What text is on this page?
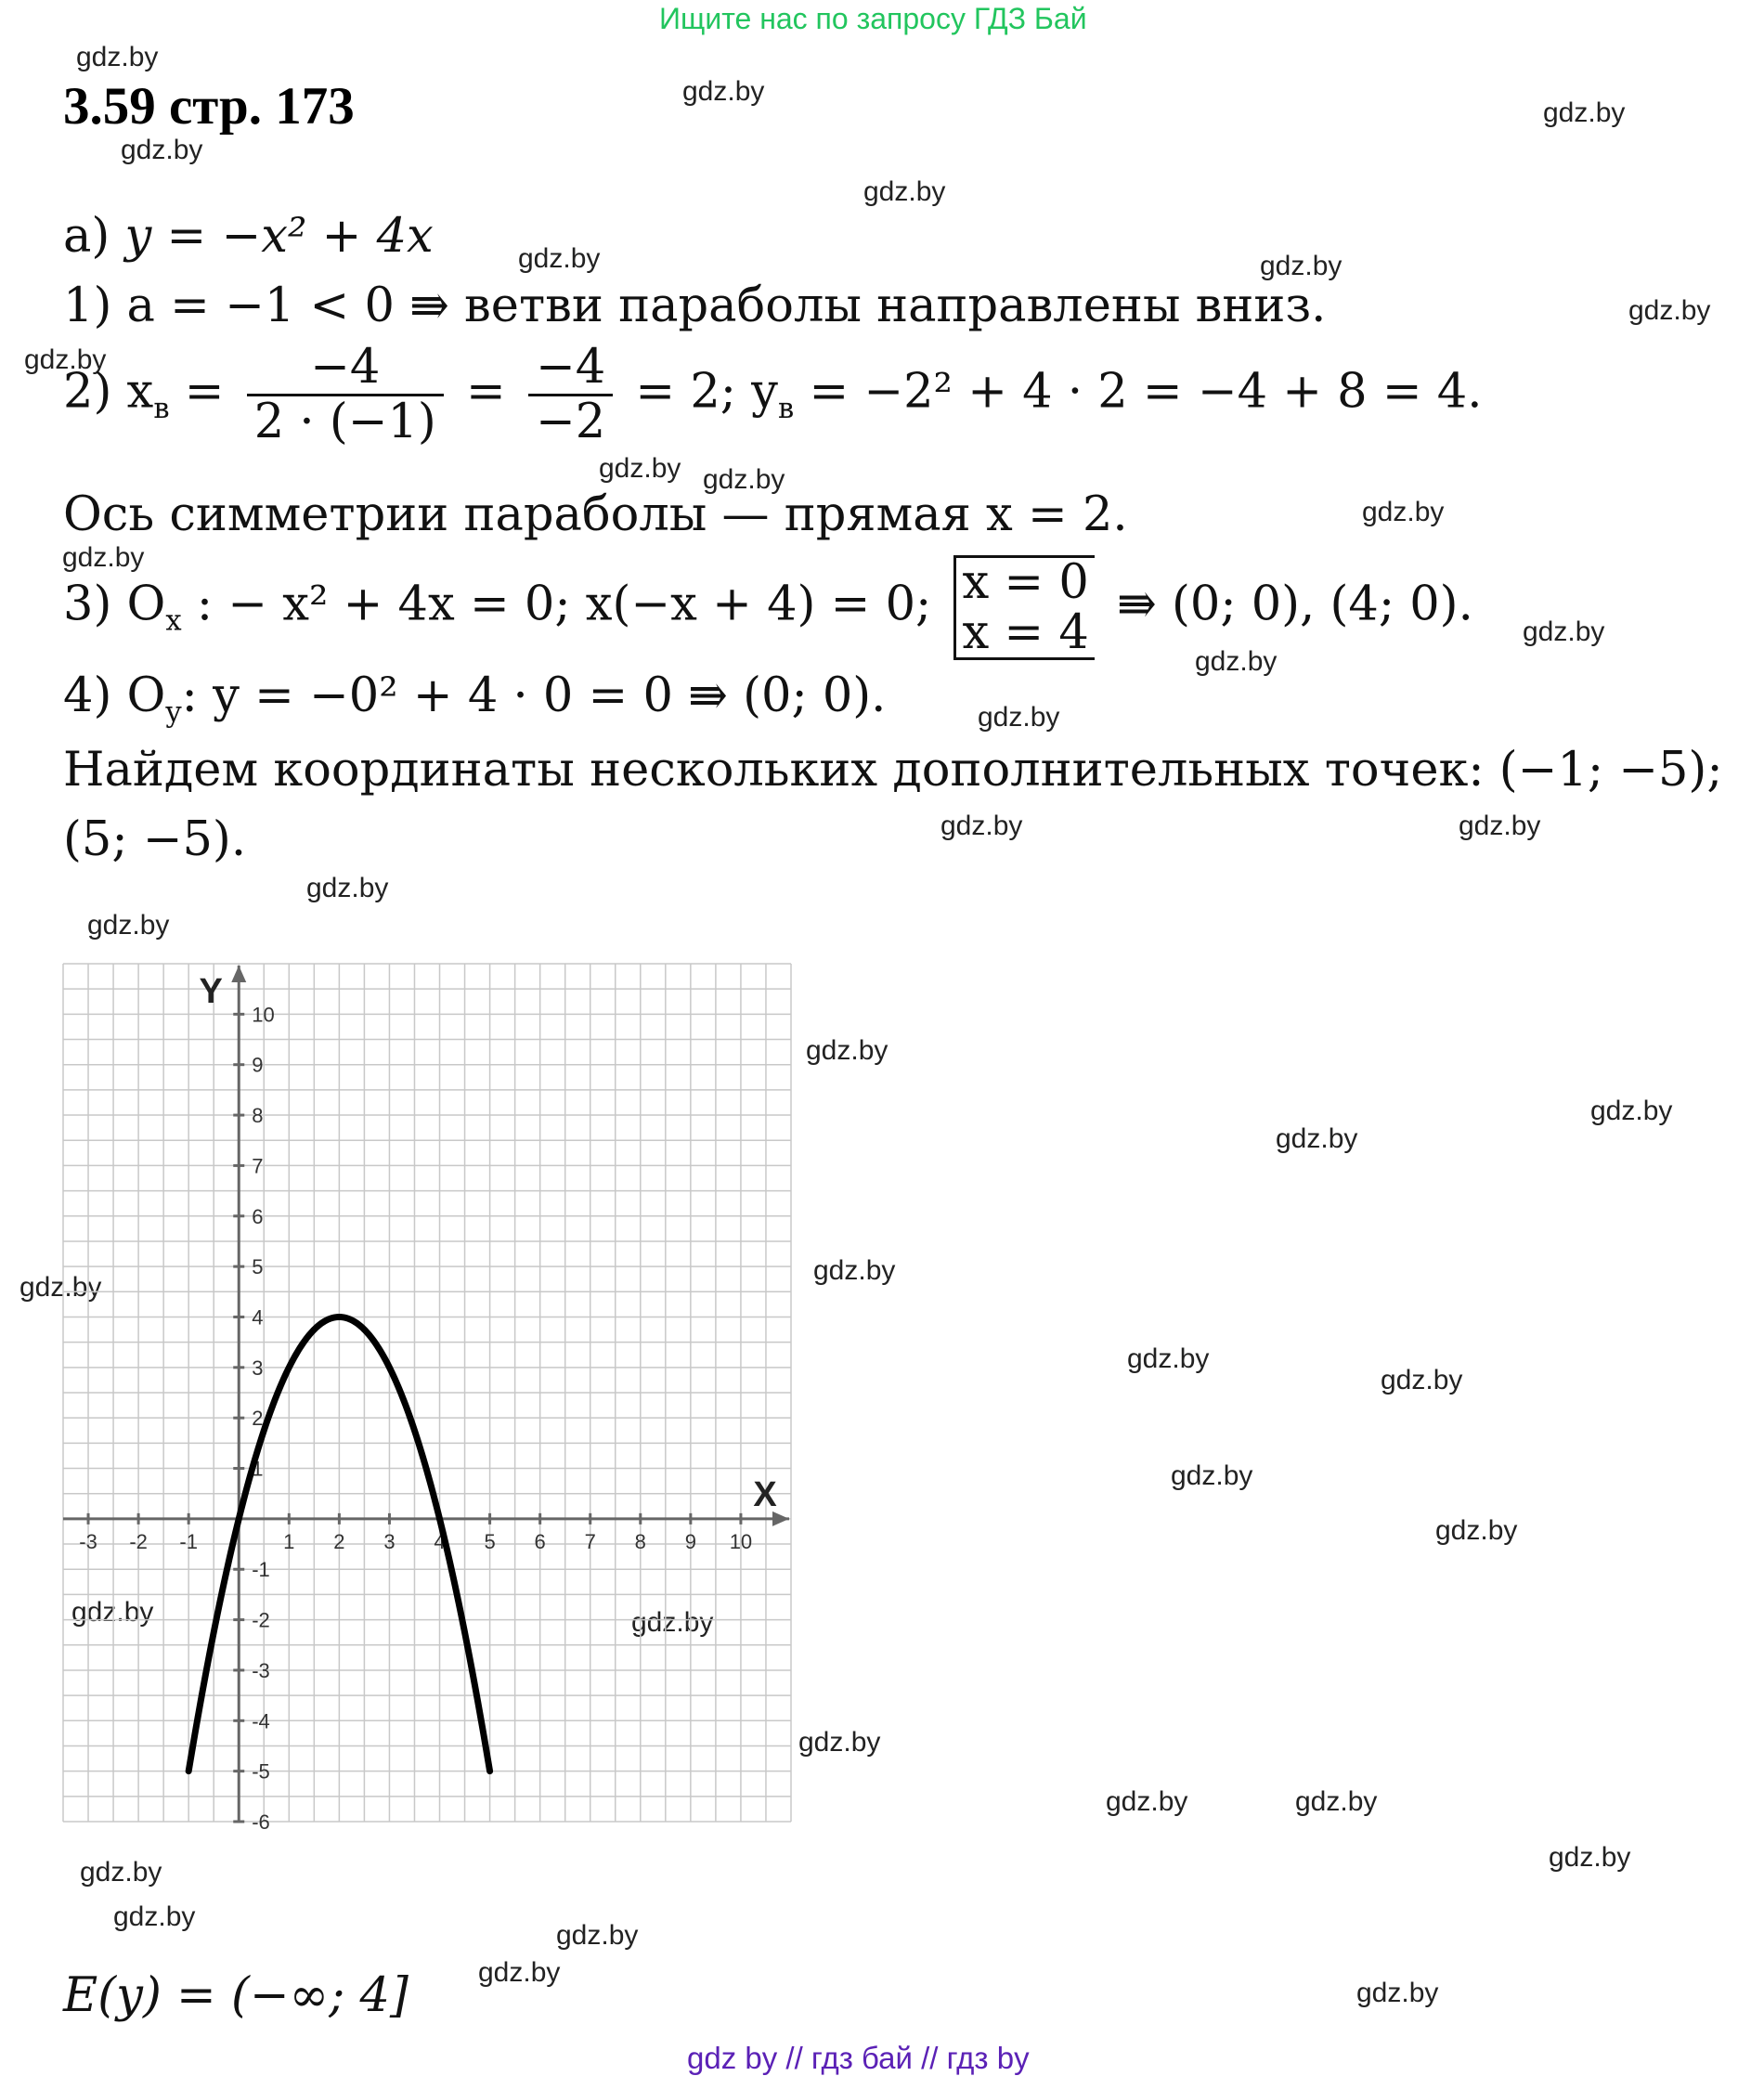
Ищите нас по запросу ГДЗ Бай
3.59 стр. 173
gdz.by
gdz.by
gdz.by
gdz.by
gdz.by
gdz.by	gdz.by
gdz.by
gdz.by
gdz.by gdz.by
gdz.by
gdz.by
gdz.by
gdz.by
gdz.by
gdz.by	gdz.by
gdz.by
gdz.by
gdz.by
gdz.by
gdz.by
gdz.by
gdz.by
gdz.by
gdz.by
gdz.by
gdz.by
gdz.by	gdz.by
gdz.by
gdz.by	gdz.by
gdz.by
gdz.by
gdz.by
gdz.by
gdz.by
gdz.by
а) y = −x² + 4x
1) a = −1 < 0 ⇛ ветви параболы направлены вниз.
2) $x_в = \frac{-4}{2 \cdot (-1)} = \frac{-4}{-2} = 2$; $y_в = -2^2 + 4 \cdot 2 = -4 + 8 = 4$.
Ось симметрии параболы — прямая x = 2.
3) $O_x$ : − x² + 4x = 0; x(−x + 4) = 0; x = 0
x = 4
⇛ (0; 0), (4; 0).
4) $O_y$: y = −0² + 4 · 0 = 0 ⇛ (0; 0).
Найдем координаты нескольких дополнительных точек: (−1; −5);
(5; −5).
-3 -2 -1	1 2 3 4 5 6 7 8 9 10
-6
-5
-4
-3
-2
-1
1
2
3
4
5
6
7
8
9
10
X
Y
E(y) = (−∞; 4]
gdz by // гдз бай // гдз by
